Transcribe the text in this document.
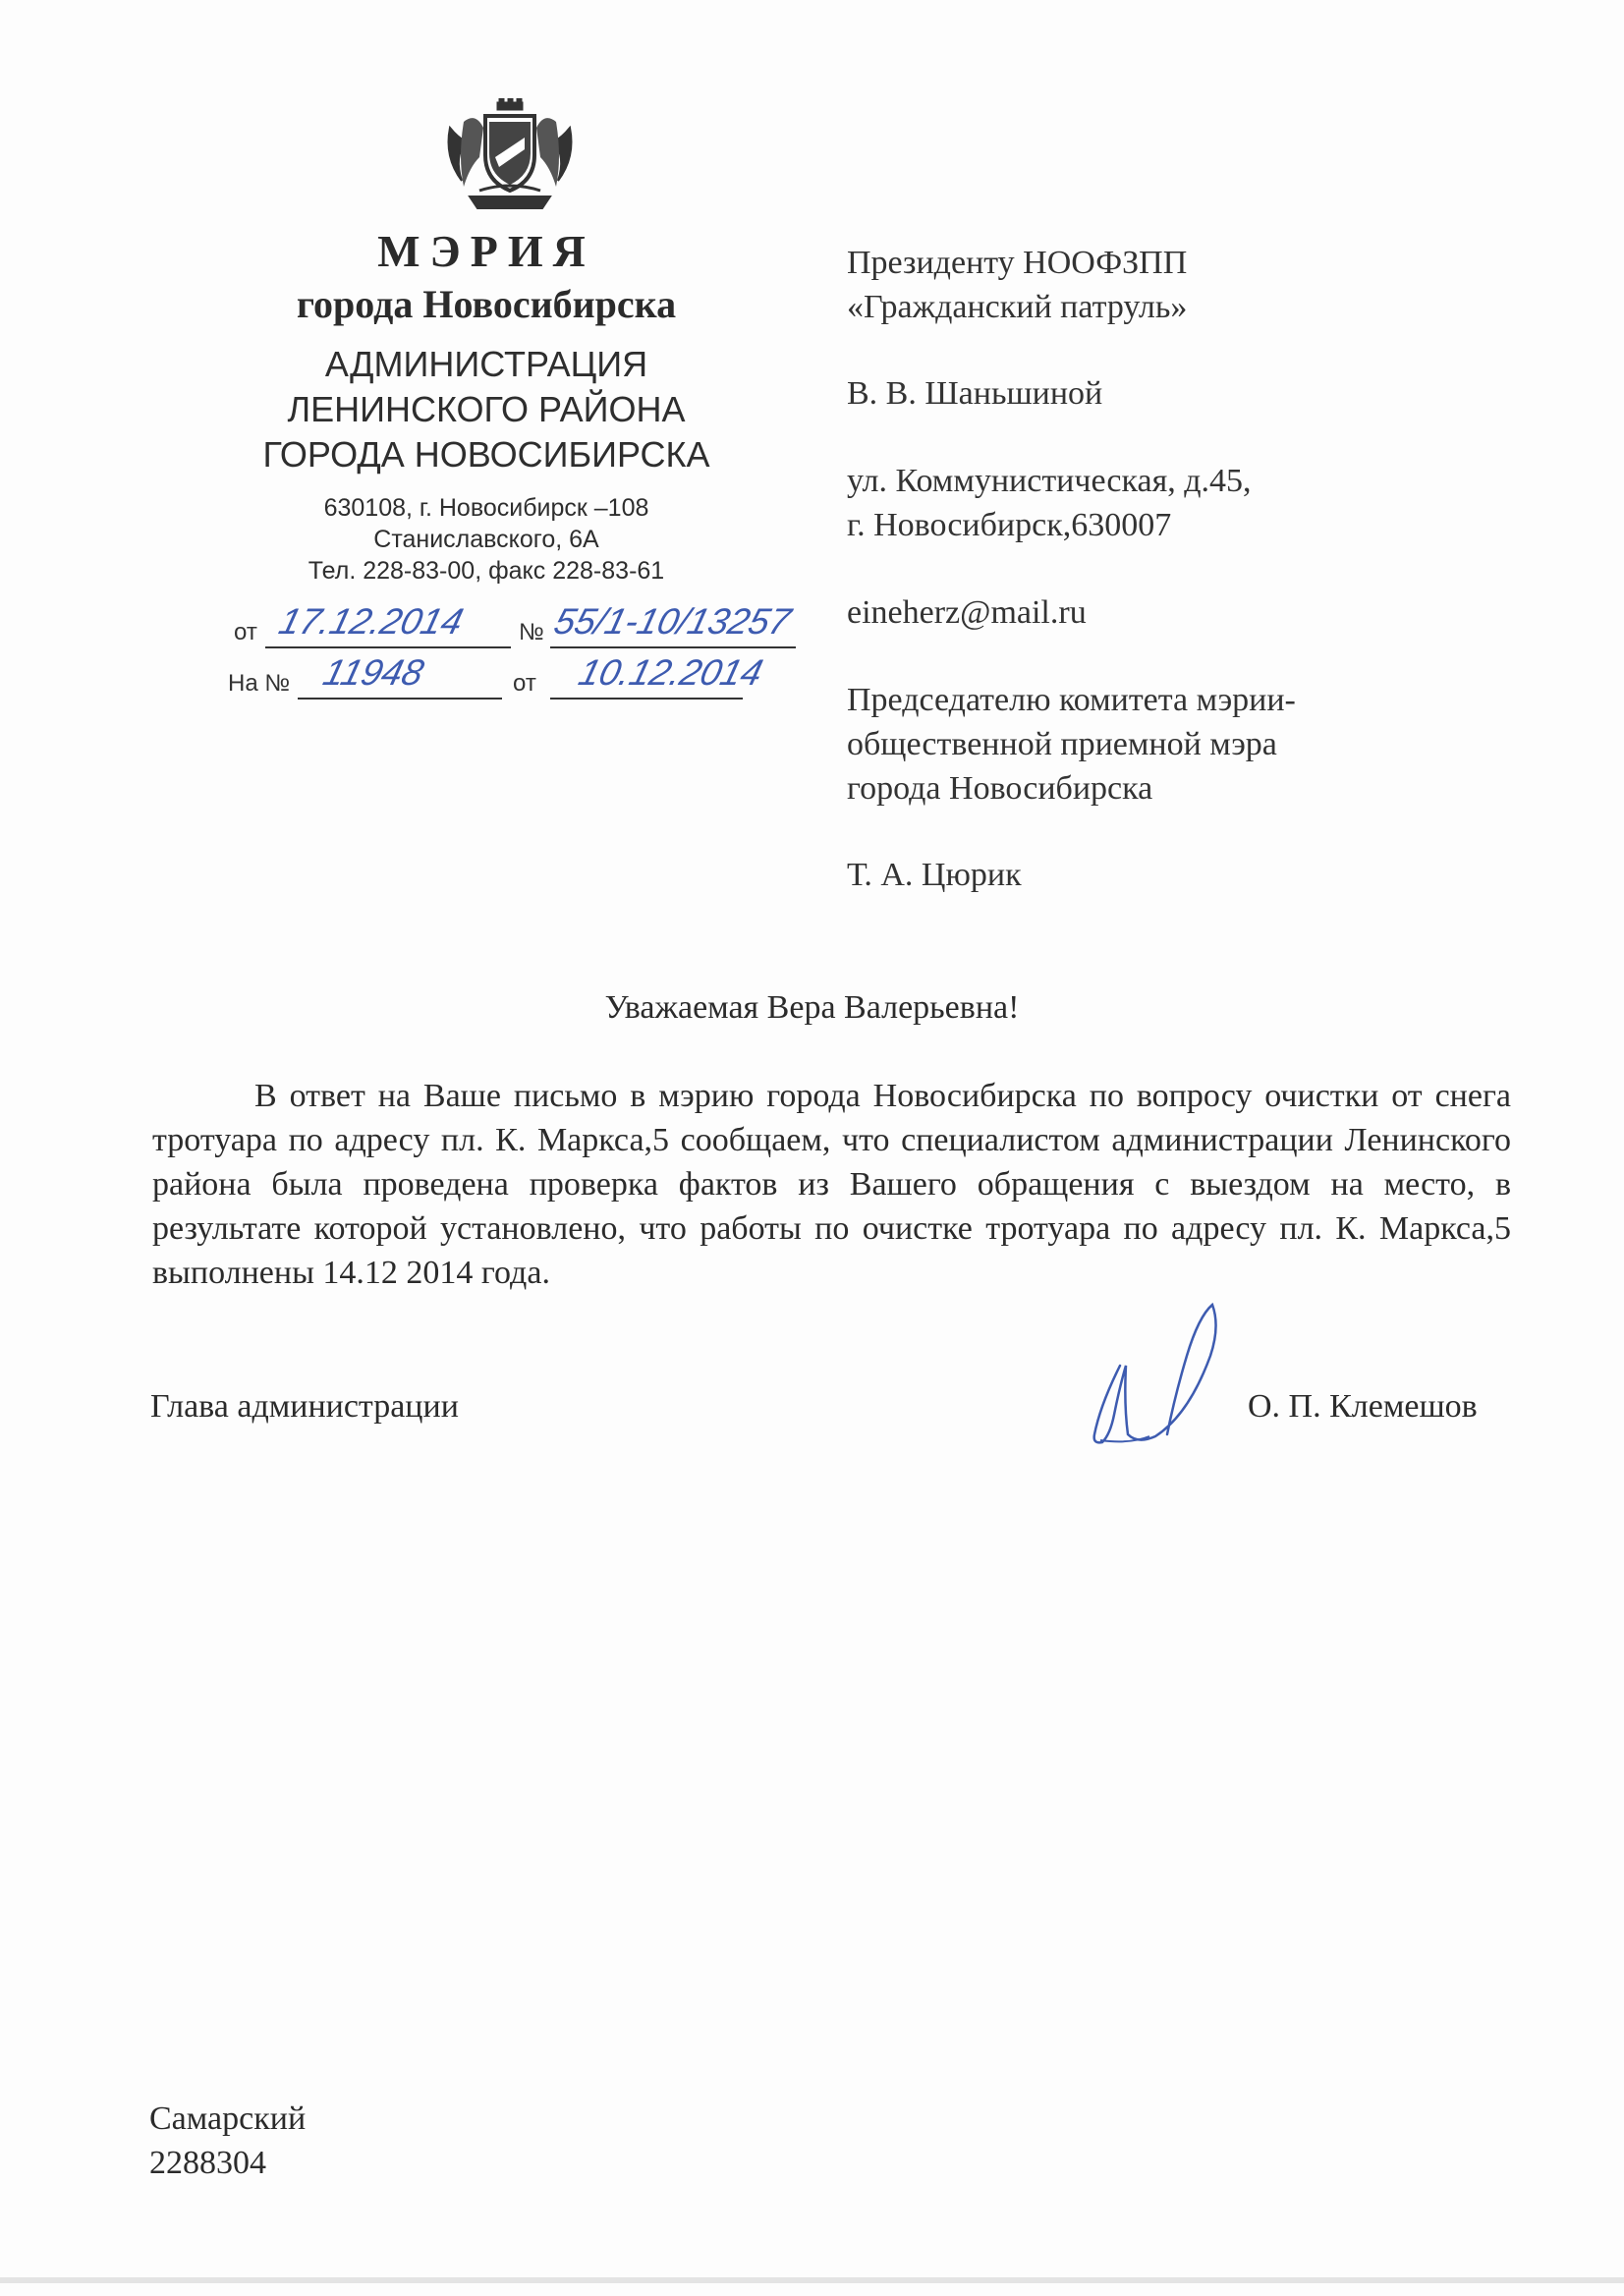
МЭРИЯ
города Новосибирска
АДМИНИСТРАЦИЯ
ЛЕНИНСКОГО РАЙОНА
ГОРОДА НОВОСИБИРСКА
630108, г. Новосибирск –108
Станиславского, 6А
Тел. 228-83-00, факс 228-83-61
от 17.12.2014 № 55/1-10/13257
На № 11948	от 10.12.2014
Президенту НООФЗПП
«Гражданский патруль»
В. В. Шаньшиной
ул. Коммунистическая, д.45,
г. Новосибирск,630007
eineherz@mail.ru
Председателю комитета мэрии-
общественной приемной мэра
города Новосибирска
Т. А. Цюрик
Уважаемая Вера Валерьевна!
В ответ на Ваше письмо в мэрию города Новосибирска по вопросу очистки от снега тротуара по адресу пл. К. Маркса,5 сообщаем, что специалистом администрации Ленинского района была проведена проверка фактов из Вашего обращения с выездом на место, в результате которой установлено, что работы по очистке тротуара по адресу пл. К. Маркса,5 выполнены 14.12 2014 года.
Глава администрации	О. П. Клемешов
Самарский
2288304
